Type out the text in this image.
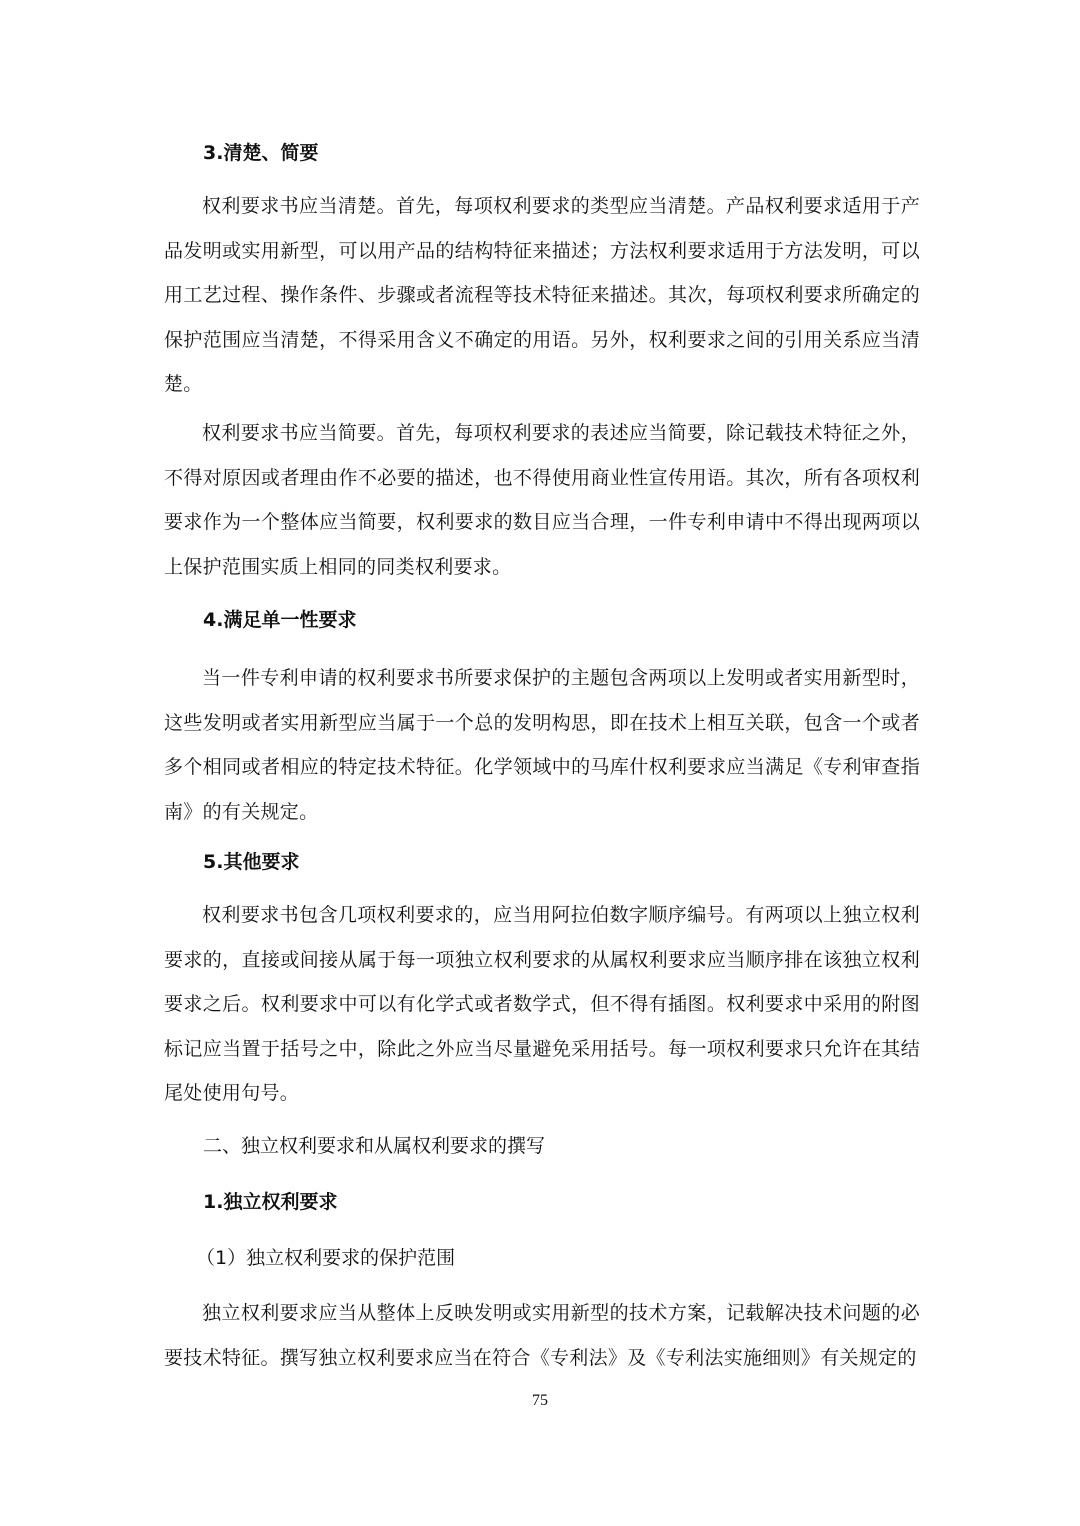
3.清楚、简要

权利要求书应当清楚。首先，每项权利要求的类型应当清楚。产品权利要求适用于产品发明或实用新型，可以用产品的结构特征来描述；方法权利要求适用于方法发明，可以用工艺过程、操作条件、步骤或者流程等技术特征来描述。其次，每项权利要求所确定的保护范围应当清楚，不得采用含义不确定的用语。另外，权利要求之间的引用关系应当清楚。

权利要求书应当简要。首先，每项权利要求的表述应当简要，除记载技术特征之外，不得对原因或者理由作不必要的描述，也不得使用商业性宣传用语。其次，所有各项权利要求作为一个整体应当简要，权利要求的数目应当合理，一件专利申请中不得出现两项以上保护范围实质上相同的同类权利要求。

4.满足单一性要求

当一件专利申请的权利要求书所要求保护的主题包含两项以上发明或者实用新型时，这些发明或者实用新型应当属于一个总的发明构思，即在技术上相互关联，包含一个或者多个相同或者相应的特定技术特征。化学领域中的马库什权利要求应当满足《专利审查指南》的有关规定。

5.其他要求

权利要求书包含几项权利要求的，应当用阿拉伯数字顺序编号。有两项以上独立权利要求的，直接或间接从属于每一项独立权利要求的从属权利要求应当顺序排在该独立权利要求之后。权利要求中可以有化学式或者数学式，但不得有插图。权利要求中采用的附图标记应当置于括号之中，除此之外应当尽量避免采用括号。每一项权利要求只允许在其结尾处使用句号。

二、独立权利要求和从属权利要求的撰写
1.独立权利要求
（1）独立权利要求的保护范围

独立权利要求应当从整体上反映发明或实用新型的技术方案，记载解决技术问题的必要技术特征。撰写独立权利要求应当在符合《专利法》及《专利法实施细则》有关规定的

75
